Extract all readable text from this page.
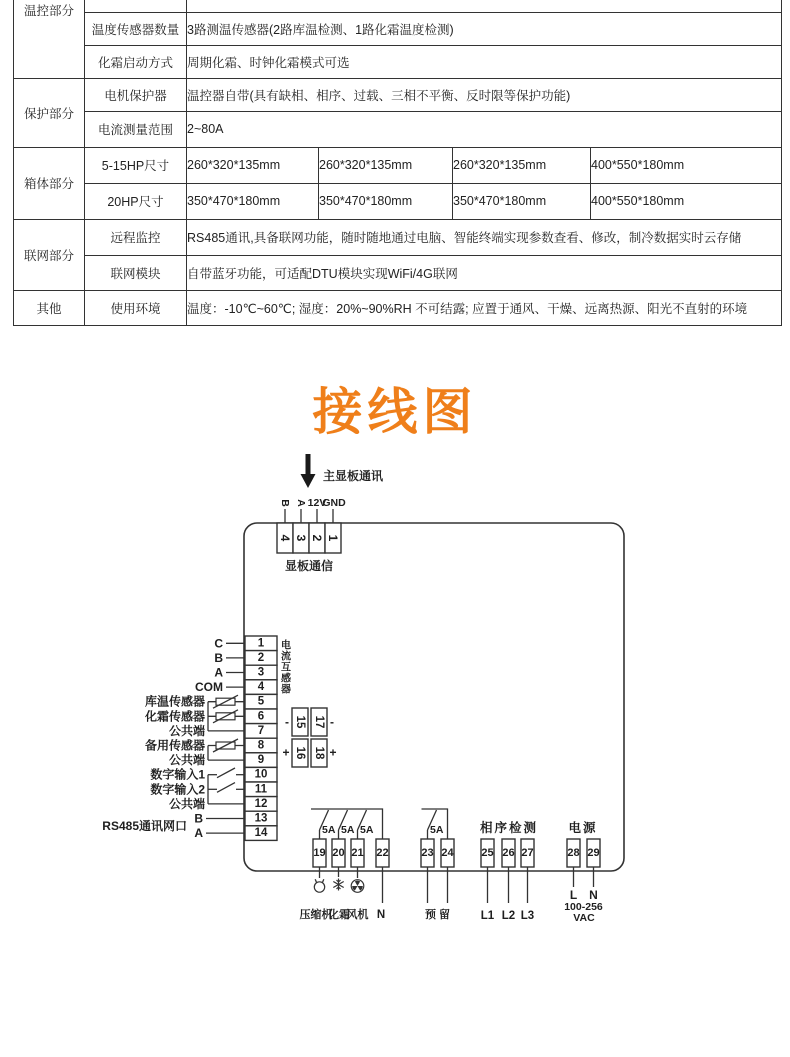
温控部分					
	温度传感器数量	3路测温传感器(2路库温检测、1路化霜温度检测)			
	化霜启动方式	周期化霜、时钟化霜模式可选			
保护部分	电机保护器	温控器自带(具有缺相、相序、过载、三相不平衡、反时限等保护功能)			
	电流测量范围	2~80A			
箱体部分	5-15HP尺寸	260*320*135mm	260*320*135mm	260*320*135mm	400*550*180mm
	20HP尺寸	350*470*180mm	350*470*180mm	350*470*180mm	400*550*180mm
联网部分	远程监控	RS485通讯,具备联网功能，随时随地通过电脑、智能终端实现参数查看、修改，制冷数据实时云存储			
	联网模块	自带蓝牙功能，可适配DTU模块实现WiFi/4G联网			
其他	使用环境	温度：-10℃~60℃; 湿度：20%~90%RH 不可结露; 应置于通风、干燥、远离热源、阳光不直射的环境			
接线图
主显板通讯
B A 12V
GND
4 3 2 1
显板通信
1
2
3
4
5
6
7
8
9
10
11
12
13
14
电
流
互
感
器
C
B
A
COM
库温传感器
化霜传感器
公共端
备用传感器
公共端
数字输入1
数字输入2
公共端
B
A
RS485通讯网口
15 17
16 18
-
+
-
+
5A 5A 5A	5A	相序检测 电源
19 20 21 22	23 24	25 26 27	28 29
压缩机
化霜
风机 N	预 留	L1 L2 L3
L N
100-256
VAC
